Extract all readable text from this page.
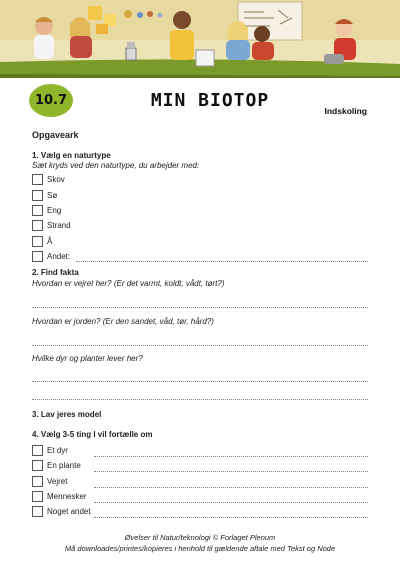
10.7	MIN BIOTOP	Indskoling
Opgaveark
1. Vælg en naturtype
Sæt kryds ved den naturtype, du arbejder med:
Skov
Sø
Eng
Strand
Å
Andet:
2. Find fakta
Hvordan er vejret her? (Er det varmt, koldt, vådt, tørt?)
Hvordan er jorden? (Er den sandet, våd, tør, hård?)
Hvilke dyr og planter lever her?
3. Lav jeres model
4. Vælg 3-5 ting I vil fortælle om
Et dyr
En plante
Vejret
Mennesker
Noget andet
Øvelser til Natur/teknologi © Forlaget Plenum
Må downloades/printes/kopieres i henhold til gældende aftale med Tekst og Node
